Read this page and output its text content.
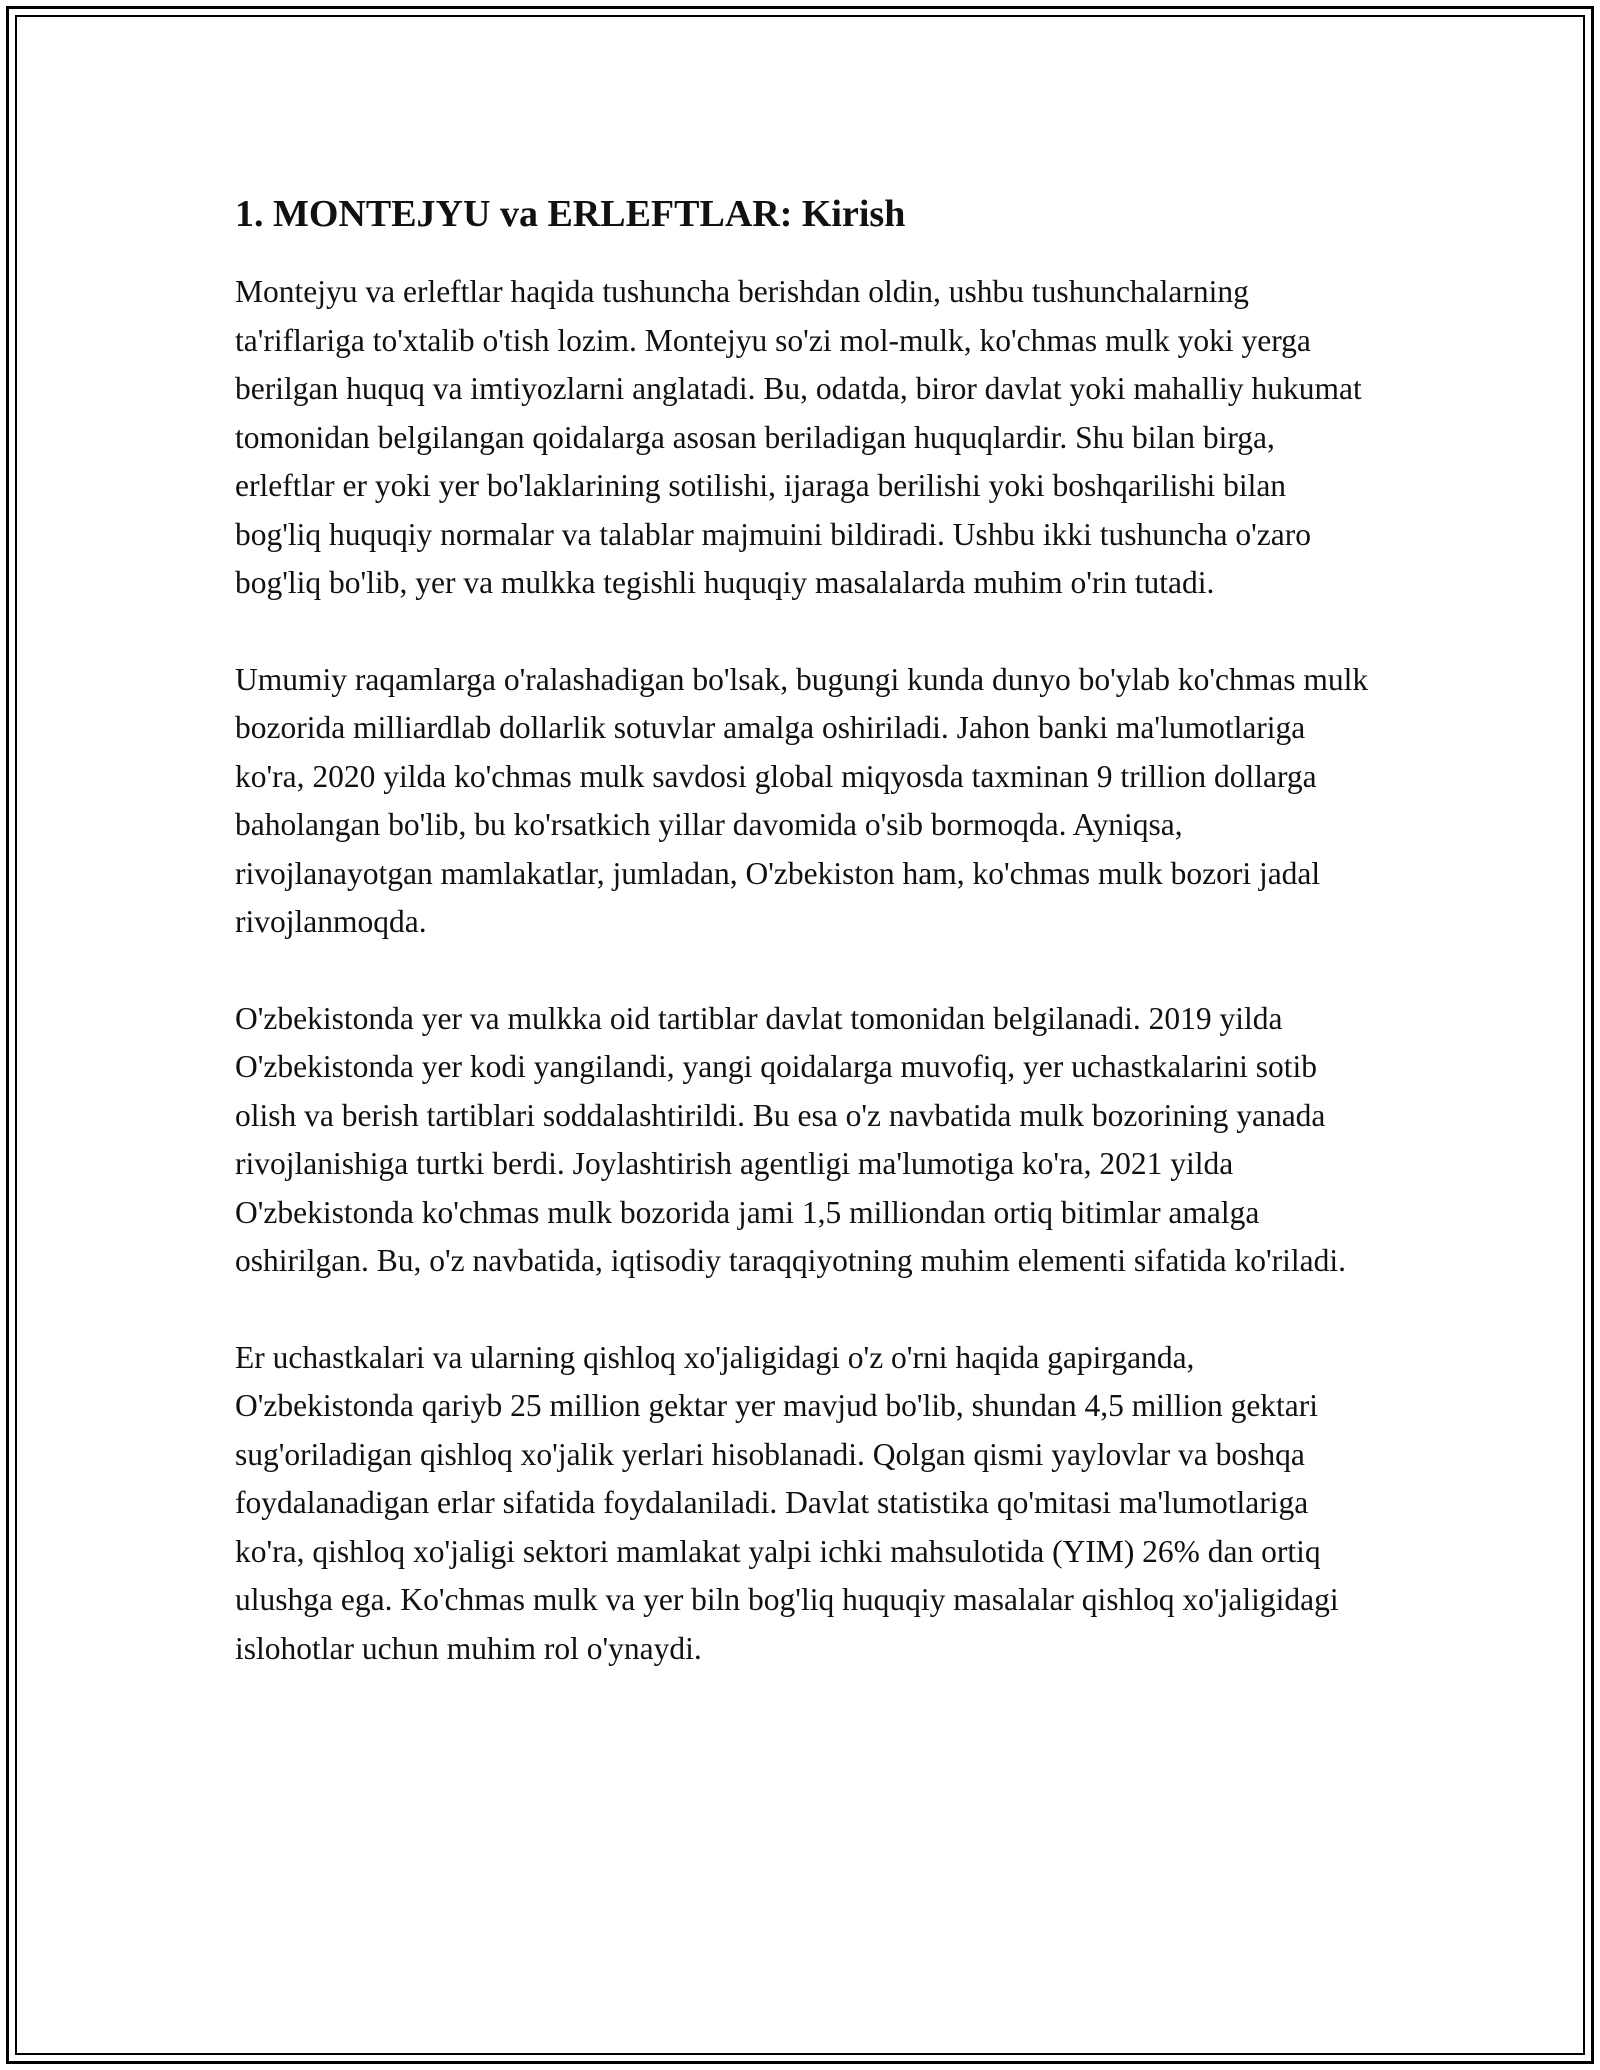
1. MONTEJYU va ERLEFTLAR: Kirish

Montejyu va erleftlar haqida tushuncha berishdan oldin, ushbu tushunchalarning ta'riflariga to'xtalib o'tish lozim. Montejyu so'zi mol-mulk, ko'chmas mulk yoki yerga berilgan huquq va imtiyozlarni anglatadi. Bu, odatda, biror davlat yoki mahalliy hukumat tomonidan belgilangan qoidalarga asosan beriladigan huquqlardir. Shu bilan birga, erleftlar er yoki yer bo'laklarining sotilishi, ijaraga berilishi yoki boshqarilishi bilan bog'liq huquqiy normalar va talablar majmuini bildiradi. Ushbu ikki tushuncha o'zaro bog'liq bo'lib, yer va mulkka tegishli huquqiy masalalarda muhim o'rin tutadi.

Umumiy raqamlarga o'ralashadigan bo'lsak, bugungi kunda dunyo bo'ylab ko'chmas mulk bozorida milliardlab dollarlik sotuvlar amalga oshiriladi. Jahon banki ma'lumotlariga ko'ra, 2020 yilda ko'chmas mulk savdosi global miqyosda taxminan 9 trillion dollarga baholangan bo'lib, bu ko'rsatkich yillar davomida o'sib bormoqda. Ayniqsa, rivojlanayotgan mamlakatlar, jumladan, O'zbekiston ham, ko'chmas mulk bozori jadal rivojlanmoqda.

O'zbekistonda yer va mulkka oid tartiblar davlat tomonidan belgilanadi. 2019 yilda O'zbekistonda yer kodi yangilandi, yangi qoidalarga muvofiq, yer uchastkalarini sotib olish va berish tartiblari soddalashtirildi. Bu esa o'z navbatida mulk bozorining yanada rivojlanishiga turtki berdi. Joylashtirish agentligi ma'lumotiga ko'ra, 2021 yilda O'zbekistonda ko'chmas mulk bozorida jami 1,5 milliondan ortiq bitimlar amalga oshirilgan. Bu, o'z navbatida, iqtisodiy taraqqiyotning muhim elementi sifatida ko'riladi.

Er uchastkalari va ularning qishloq xo'jaligidagi o'z o'rni haqida gapirganda, O'zbekistonda qariyb 25 million gektar yer mavjud bo'lib, shundan 4,5 million gektari sug'oriladigan qishloq xo'jalik yerlari hisoblanadi. Qolgan qismi yaylovlar va boshqa foydalanadigan erlar sifatida foydalaniladi. Davlat statistika qo'mitasi ma'lumotlariga ko'ra, qishloq xo'jaligi sektori mamlakat yalpi ichki mahsulotida (YIM) 26% dan ortiq ulushga ega. Ko'chmas mulk va yer biln bog'liq huquqiy masalalar qishloq xo'jaligidagi islohotlar uchun muhim rol o'ynaydi.
